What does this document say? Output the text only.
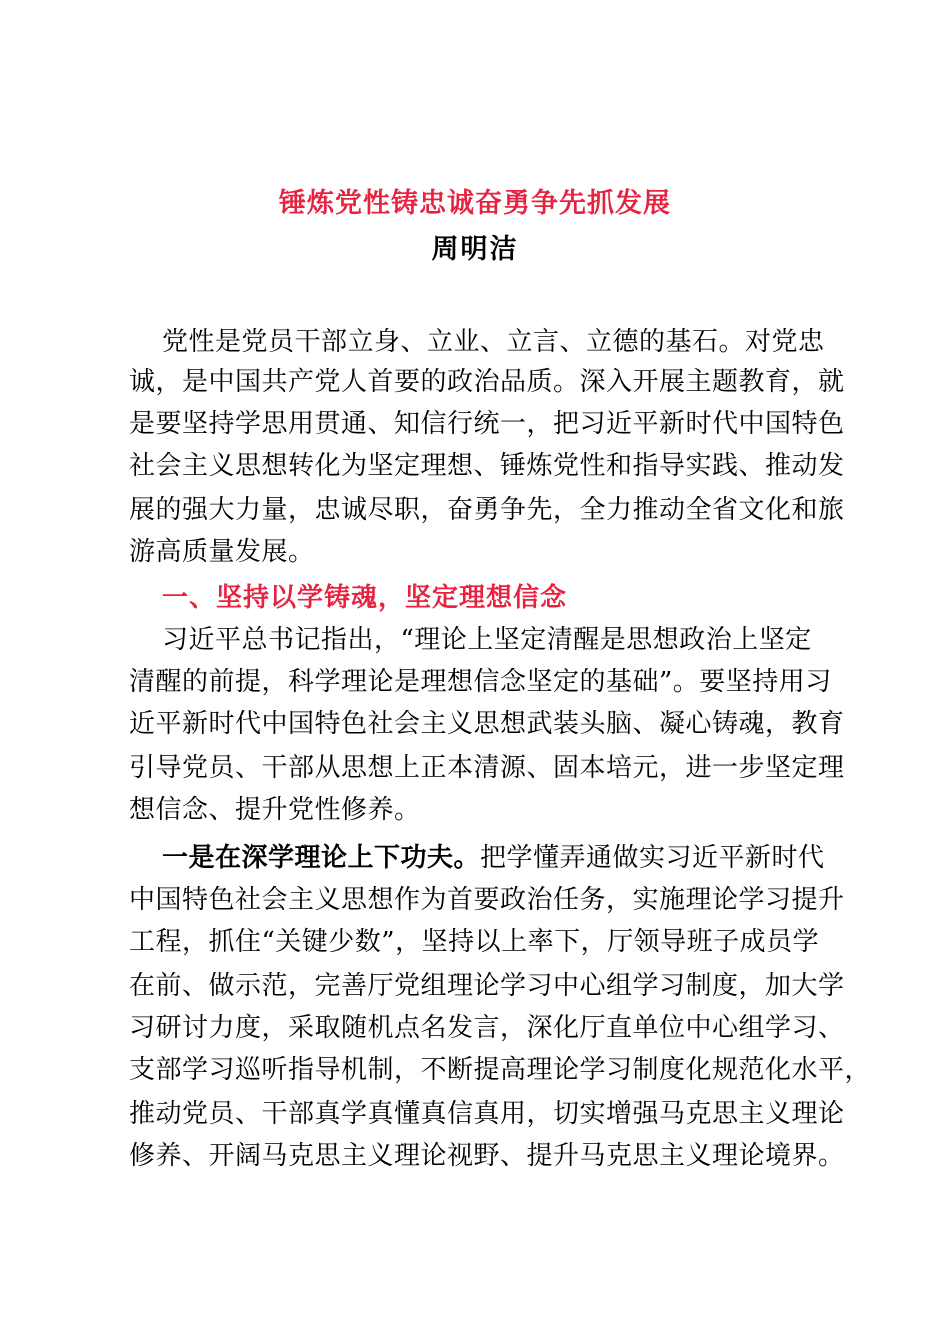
锤炼党性铸忠诚奋勇争先抓发展
周明洁
党性是党员干部立身、立业、立言、立德的基石。对党忠
诚，是中国共产党人首要的政治品质。深入开展主题教育，就
是要坚持学思用贯通、知信行统一，把习近平新时代中国特色
社会主义思想转化为坚定理想、锤炼党性和指导实践、推动发
展的强大力量，忠诚尽职，奋勇争先，全力推动全省文化和旅
游高质量发展。
一、坚持以学铸魂，坚定理想信念
习近平总书记指出，“理论上坚定清醒是思想政治上坚定
清醒的前提，科学理论是理想信念坚定的基础”。要坚持用习
近平新时代中国特色社会主义思想武装头脑、凝心铸魂，教育
引导党员、干部从思想上正本清源、固本培元，进一步坚定理
想信念、提升党性修养。
一是在深学理论上下功夫。把学懂弄通做实习近平新时代
中国特色社会主义思想作为首要政治任务，实施理论学习提升
工程，抓住“关键少数”，坚持以上率下，厅领导班子成员学
在前、做示范，完善厅党组理论学习中心组学习制度，加大学
习研讨力度，采取随机点名发言，深化厅直单位中心组学习、
支部学习巡听指导机制，不断提高理论学习制度化规范化水平，
推动党员、干部真学真懂真信真用，切实增强马克思主义理论
修养、开阔马克思主义理论视野、提升马克思主义理论境界。
